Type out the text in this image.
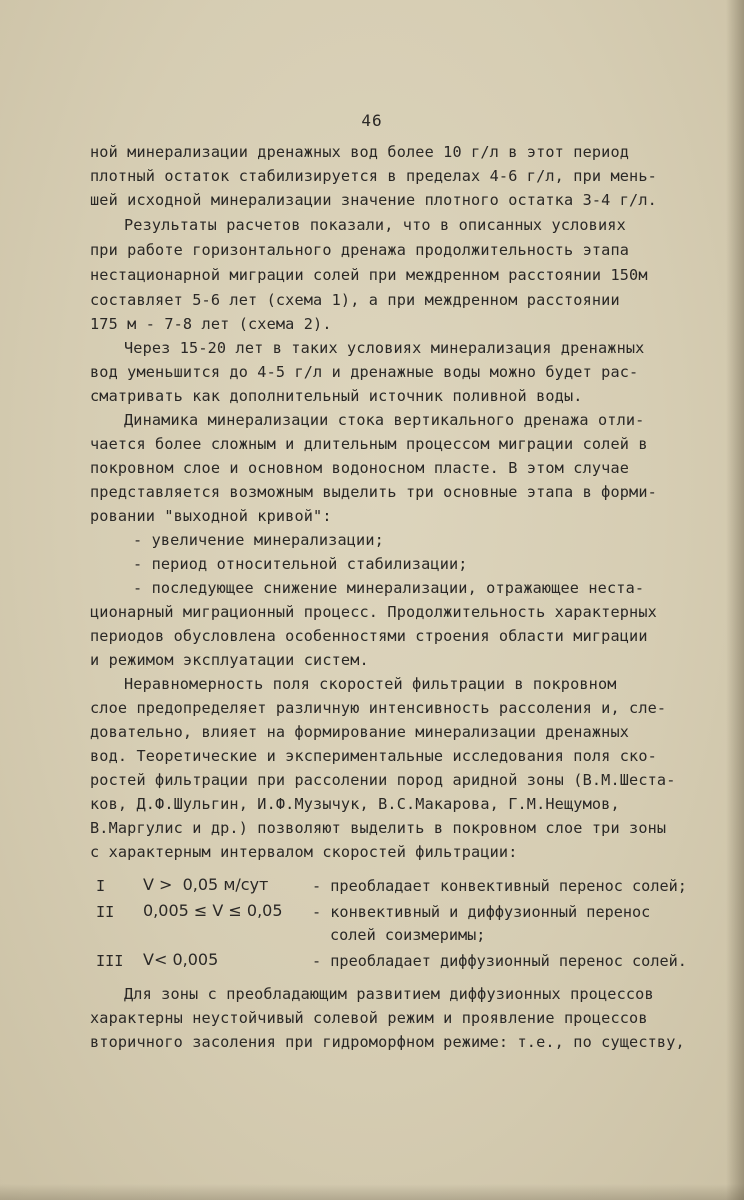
46
ной минерализации дренажных вод более 10 г/л в этот период
плотный остаток стабилизируется в пределах 4-6 г/л, при мень-
шей исходной минерализации значение плотного остатка 3-4 г/л.
Результаты расчетов показали, что в описанных условиях
при работе горизонтального дренажа продолжительность этапа
нестационарной миграции солей при междренном расстоянии 150м
составляет 5-6 лет (схема 1), а при междренном расстоянии
175 м - 7-8 лет (схема 2).
Через 15-20 лет в таких условиях минерализация дренажных
вод уменьшится до 4-5 г/л и дренажные воды можно будет рас-
сматривать как дополнительный источник поливной воды.
Динамика минерализации стока вертикального дренажа отли-
чается более сложным и длительным процессом миграции солей в
покровном слое и основном водоносном пласте. В этом случае
представляется возможным выделить три основные этапа в форми-
ровании "выходной кривой":
- увеличение минерализации;
- период относительной стабилизации;
- последующее снижение минерализации, отражающее неста-
ционарный миграционный процесс. Продолжительность характерных
периодов обусловлена особенностями строения области миграции
и режимом эксплуатации систем.
Неравномерность поля скоростей фильтрации в покровном
слое предопределяет различную интенсивность рассоления и, сле-
довательно, влияет на формирование минерализации дренажных
вод. Теоретические и экспериментальные исследования поля ско-
ростей фильтрации при рассолении пород аридной зоны (В.М.Шеста-
ков, Д.Ф.Шульгин, И.Ф.Музычук, В.С.Макарова, Г.М.Нещумов,
В.Маргулис и др.) позволяют выделить в покровном слое три зоны
с характерным интервалом скоростей фильтрации:
I V >  0,05 м/сут	- преобладает конвективный перенос солей;
II 0,005 ≤ V ≤ 0,05 - конвективный и диффузионный перенос
солей соизмеримы;
III V< 0,005	- преобладает диффузионный перенос солей.
Для зоны с преобладающим развитием диффузионных процессов
характерны неустойчивый солевой режим и проявление процессов
вторичного засоления при гидроморфном режиме: т.е., по существу,
